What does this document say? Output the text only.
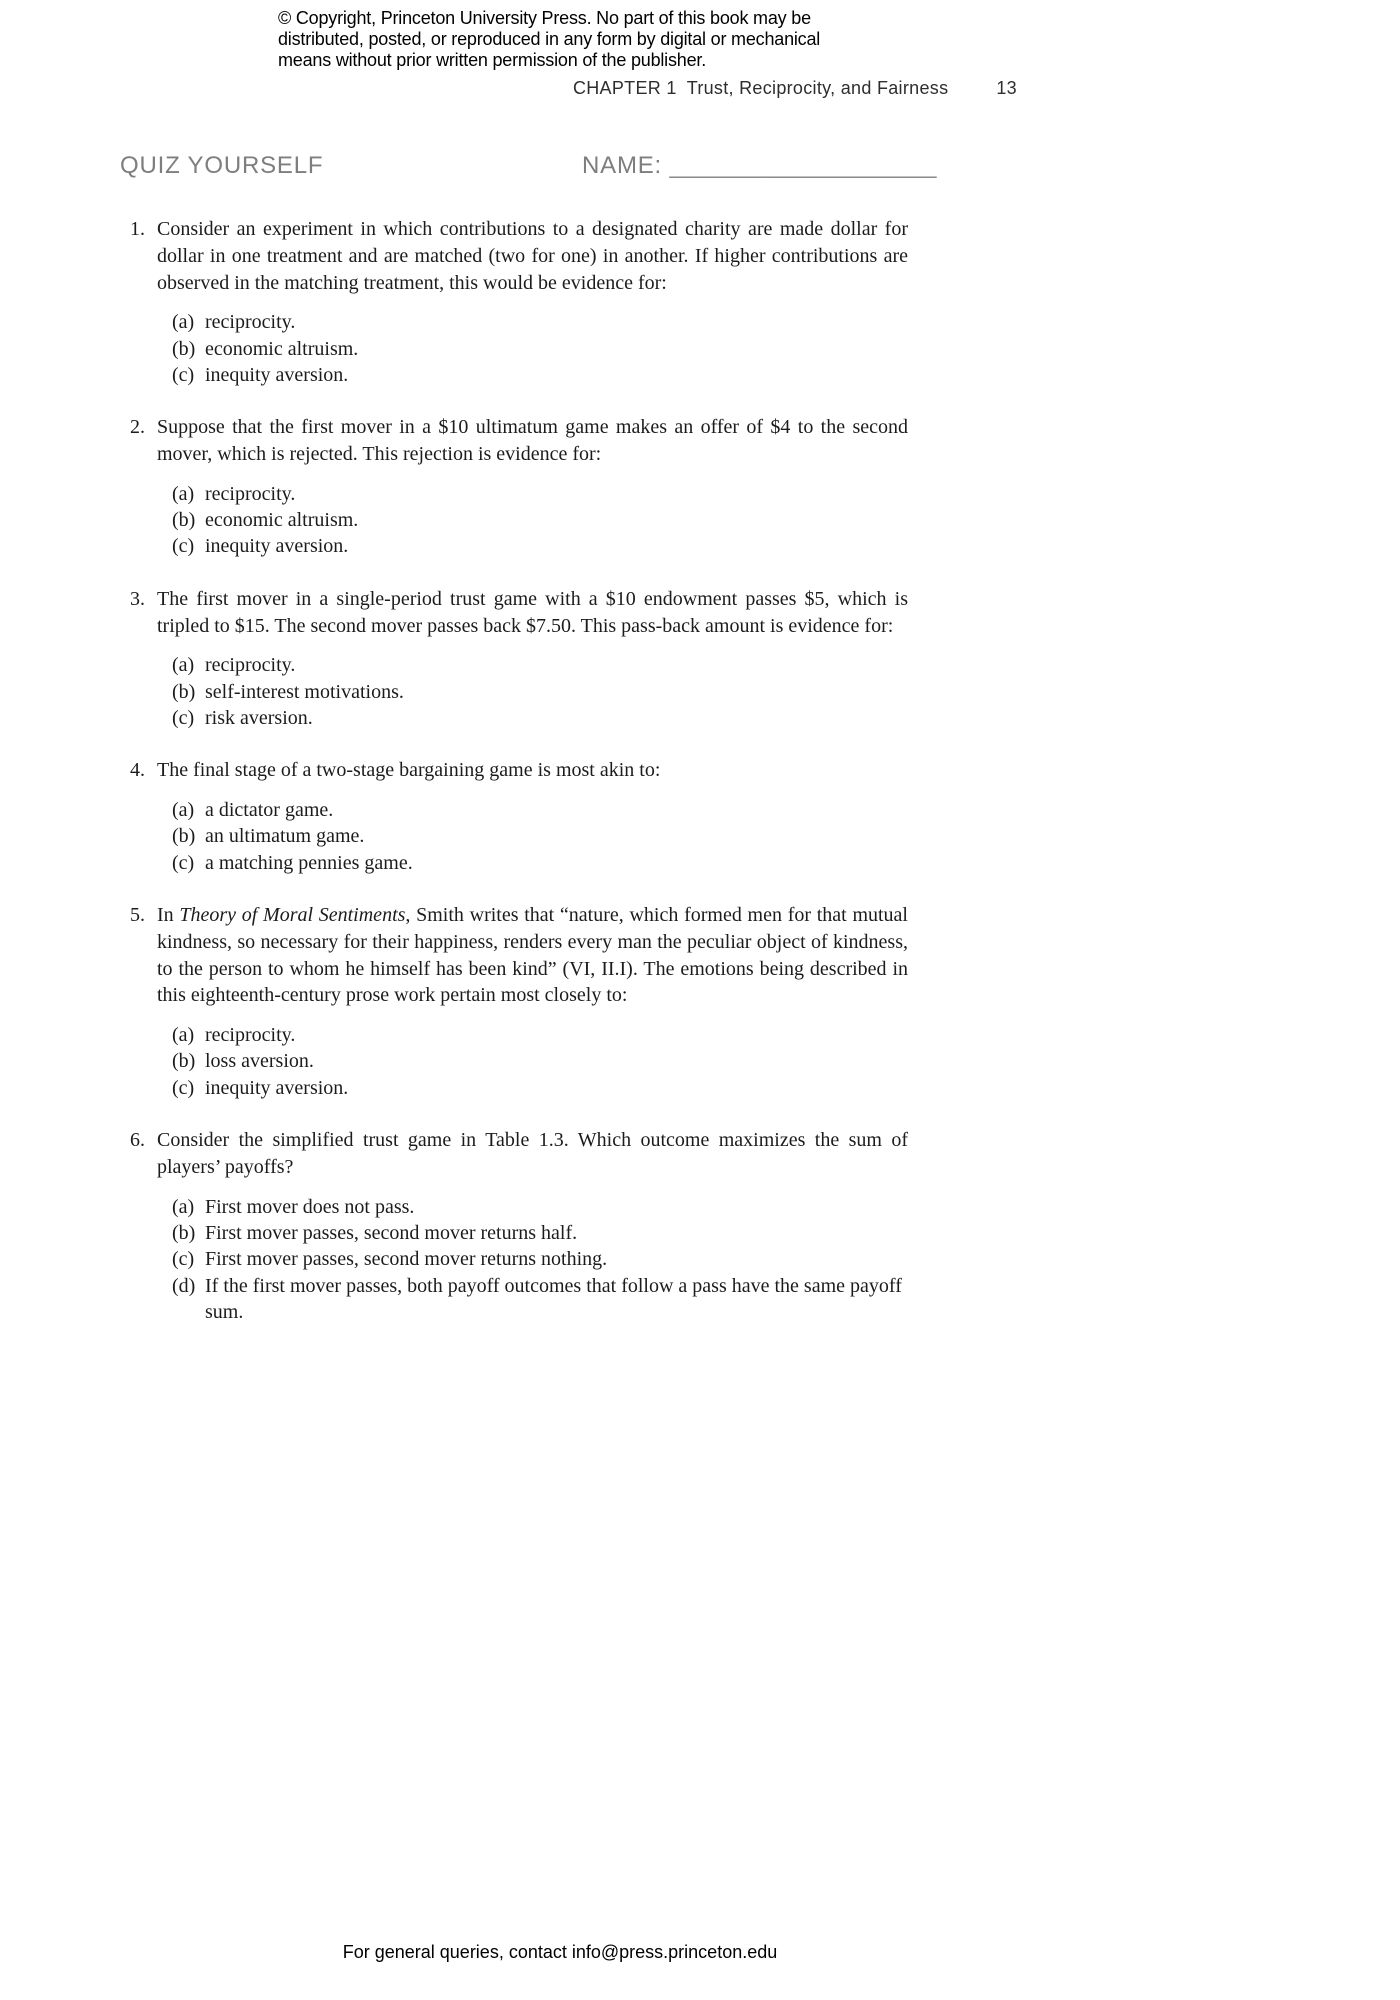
© Copyright, Princeton University Press. No part of this book may be
distributed, posted, or reproduced in any form by digital or mechanical
means without prior written permission of the publisher.
CHAPTER 1 Trust, Reciprocity, and Fairness	13
QUIZ YOURSELF	NAME: ____________________
1. Consider an experiment in which contributions to a designated charity are made dollar for dollar in one treatment and are matched (two for one) in another. If higher contributions are observed in the matching treatment, this would be evidence for:
(a) reciprocity.
(b) economic altruism.
(c) inequity aversion.
2. Suppose that the first mover in a $10 ultimatum game makes an offer of $4 to the second mover, which is rejected. This rejection is evidence for:
(a) reciprocity.
(b) economic altruism.
(c) inequity aversion.
3. The first mover in a single-period trust game with a $10 endowment passes $5, which is tripled to $15. The second mover passes back $7.50. This pass-back amount is evidence for:
(a) reciprocity.
(b) self-interest motivations.
(c) risk aversion.
4. The final stage of a two-stage bargaining game is most akin to:
(a) a dictator game.
(b) an ultimatum game.
(c) a matching pennies game.
5. In Theory of Moral Sentiments, Smith writes that “nature, which formed men for that mutual kindness, so necessary for their happiness, renders every man the peculiar object of kindness, to the person to whom he himself has been kind” (VI, II.I). The emotions being described in this eighteenth-century prose work pertain most closely to:
(a) reciprocity.
(b) loss aversion.
(c) inequity aversion.
6. Consider the simplified trust game in Table 1.3. Which outcome maximizes the sum of players’ payoffs?
(a) First mover does not pass.
(b) First mover passes, second mover returns half.
(c) First mover passes, second mover returns nothing.
(d) If the first mover passes, both payoff outcomes that follow a pass have the same payoff sum.
For general queries, contact info@press.princeton.edu
